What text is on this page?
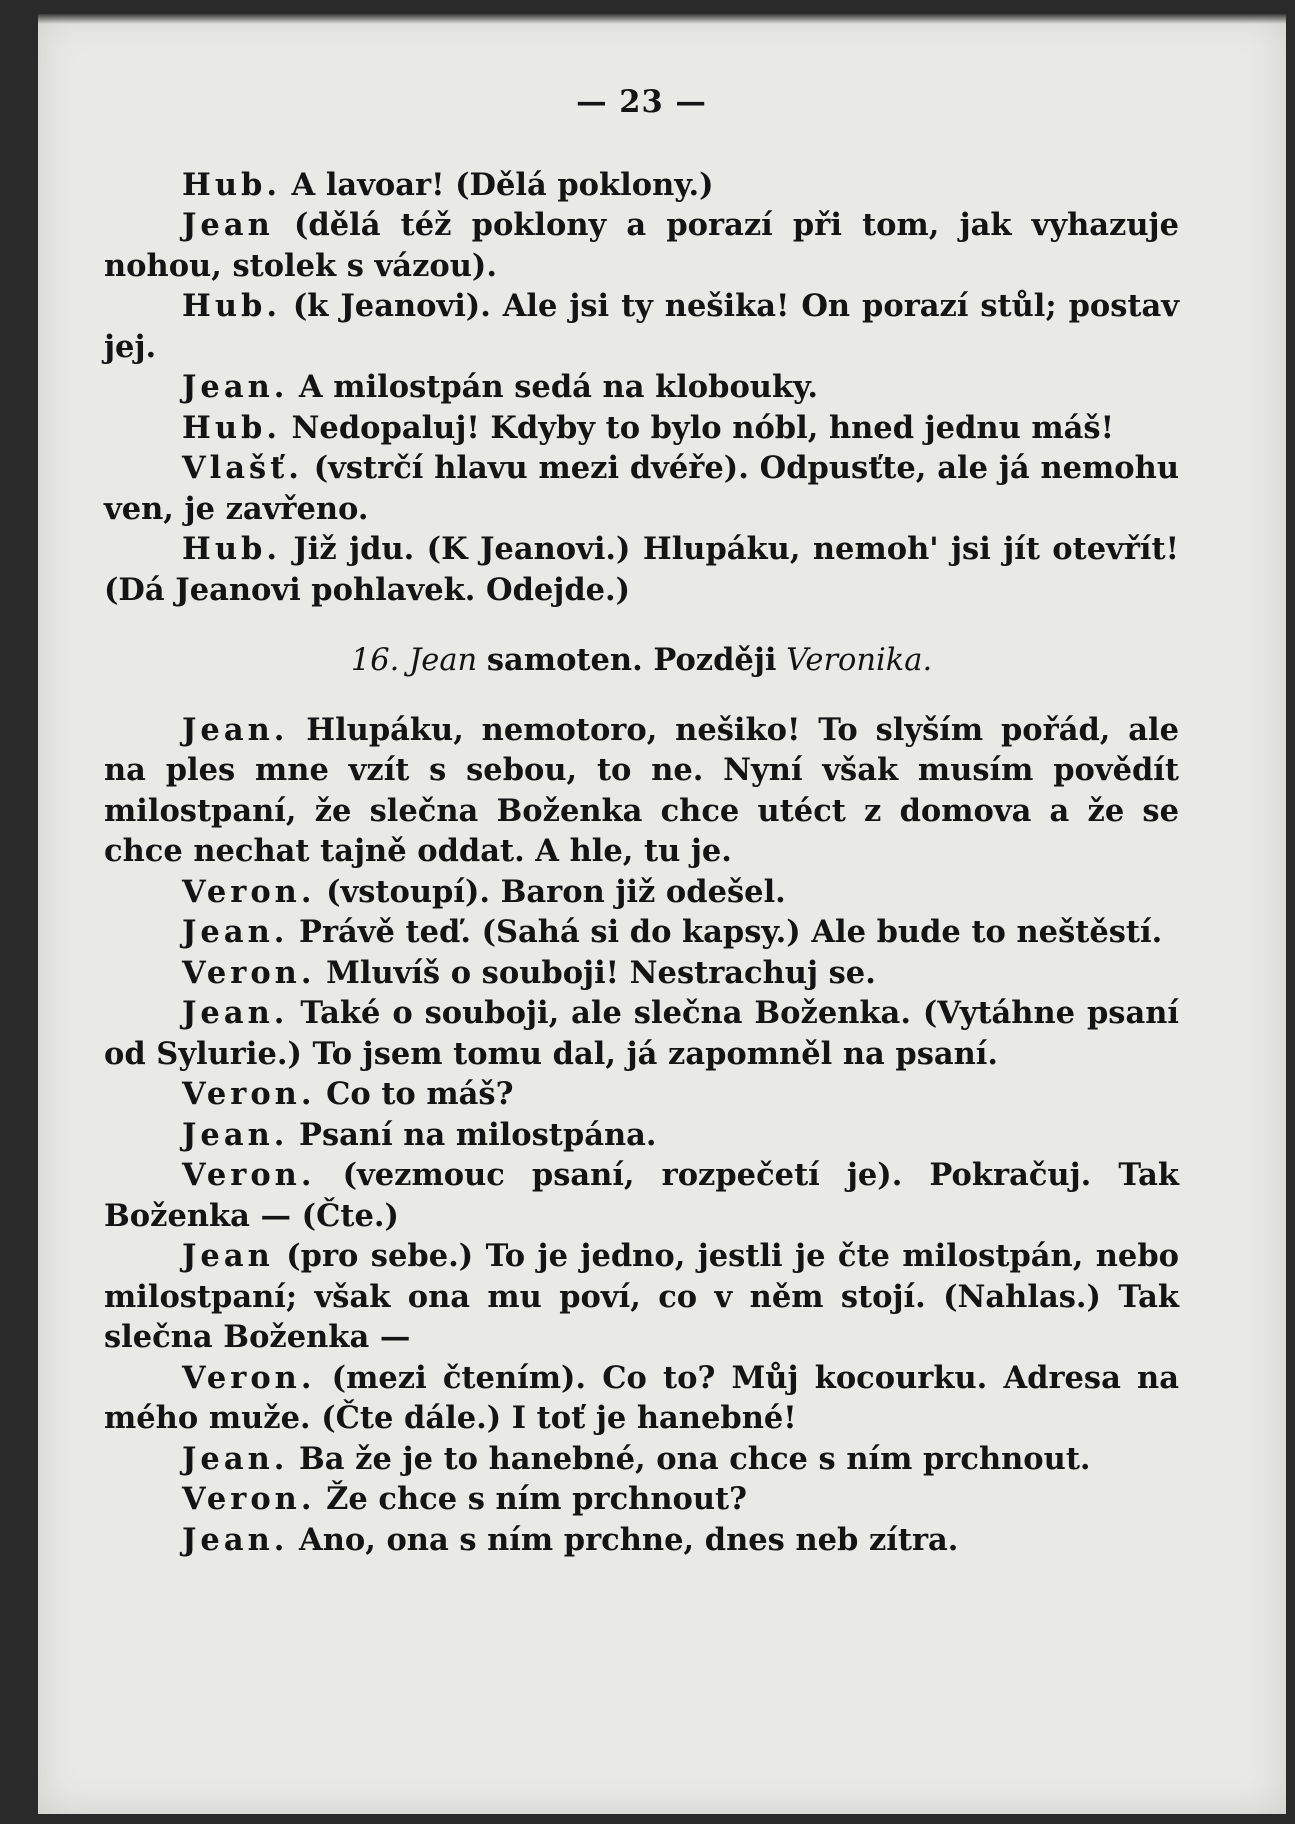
— 23 —

Hub. A lavoar! (Dělá poklony.)

Jean (dělá též poklony a porazí při tom, jak vyhazuje nohou, stolek s vázou).

Hub. (k Jeanovi). Ale jsi ty nešika! On porazí stůl; postav jej.

Jean. A milostpán sedá na klobouky.

Hub. Nedopaluj! Kdyby to bylo nóbl, hned jednu máš!

Vlašť. (vstrčí hlavu mezi dvéře). Odpusťte, ale já nemohu ven, je zavřeno.

Hub. Již jdu. (K Jeanovi.) Hlupáku, nemoh' jsi jít otevřít! (Dá Jeanovi pohlavek. Odejde.)

16. Jean samoten. Později Veronika.

Jean. Hlupáku, nemotoro, nešiko! To slyším pořád, ale na ples mne vzít s sebou, to ne. Nyní však musím povědít milostpaní, že slečna Boženka chce utéct z domova a že se chce nechat tajně oddat. A hle, tu je.

Veron. (vstoupí). Baron již odešel.

Jean. Právě teď. (Sahá si do kapsy.) Ale bude to neštěstí.

Veron. Mluvíš o souboji! Nestrachuj se.

Jean. Také o souboji, ale slečna Boženka. (Vytáhne psaní od Sylurie.) To jsem tomu dal, já zapomněl na psaní.

Veron. Co to máš?

Jean. Psaní na milostpána.

Veron. (vezmouc psaní, rozpečetí je). Pokračuj. Tak Boženka — (Čte.)

Jean (pro sebe.) To je jedno, jestli je čte milostpán, nebo milostpaní; však ona mu poví, co v něm stojí. (Nahlas.) Tak slečna Boženka —

Veron. (mezi čtením). Co to? Můj kocourku. Adresa na mého muže. (Čte dále.) I toť je hanebné!

Jean. Ba že je to hanebné, ona chce s ním prchnout.

Veron. Že chce s ním prchnout?

Jean. Ano, ona s ním prchne, dnes neb zítra.
